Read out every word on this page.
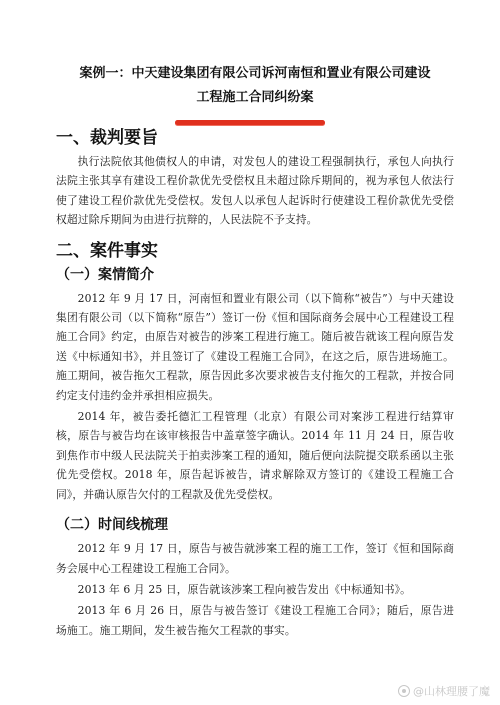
案例一：中天建设集团有限公司诉河南恒和置业有限公司建设
工程施工合同纠纷案
一、裁判要旨

执行法院依其他债权人的申请，对发包人的建设工程强制执行，承包人向执行法院主张其享有建设工程价款优先受偿权且未超过除斥期间的，视为承包人依法行使了建设工程价款优先受偿权。发包人以承包人起诉时行使建设工程价款优先受偿权超过除斥期间为由进行抗辩的，人民法院不予支持。

二、案件事实
（一）案情简介

2012 年 9 月 17 日，河南恒和置业有限公司（以下简称“被告”）与中天建设集团有限公司（以下简称“原告”）签订一份《恒和国际商务会展中心工程建设工程施工合同》约定，由原告对被告的涉案工程进行施工。随后被告就该工程向原告发送《中标通知书》，并且签订了《建设工程施工合同》，在这之后，原告进场施工。施工期间，被告拖欠工程款，原告因此多次要求被告支付拖欠的工程款，并按合同约定支付违约金并承担相应损失。

2014 年，被告委托德汇工程管理（北京）有限公司对案涉工程进行结算审核，原告与被告均在该审核报告中盖章签字确认。2014 年 11 月 24 日，原告收到焦作市中级人民法院关于拍卖涉案工程的通知，随后便向法院提交联系函以主张优先受偿权。2018 年，原告起诉被告，请求解除双方签订的《建设工程施工合同》，并确认原告欠付的工程款及优先受偿权。

（二）时间线梳理

2012 年 9 月 17 日，原告与被告就涉案工程的施工工作，签订《恒和国际商务会展中心工程建设工程施工合同》。

2013 年 6 月 25 日，原告就该涉案工程向被告发出《中标通知书》。

2013 年 6 月 26 日，原告与被告签订《建设工程施工合同》；随后，原告进场施工。施工期间，发生被告拖欠工程款的事实。

@山林理腰了魔
